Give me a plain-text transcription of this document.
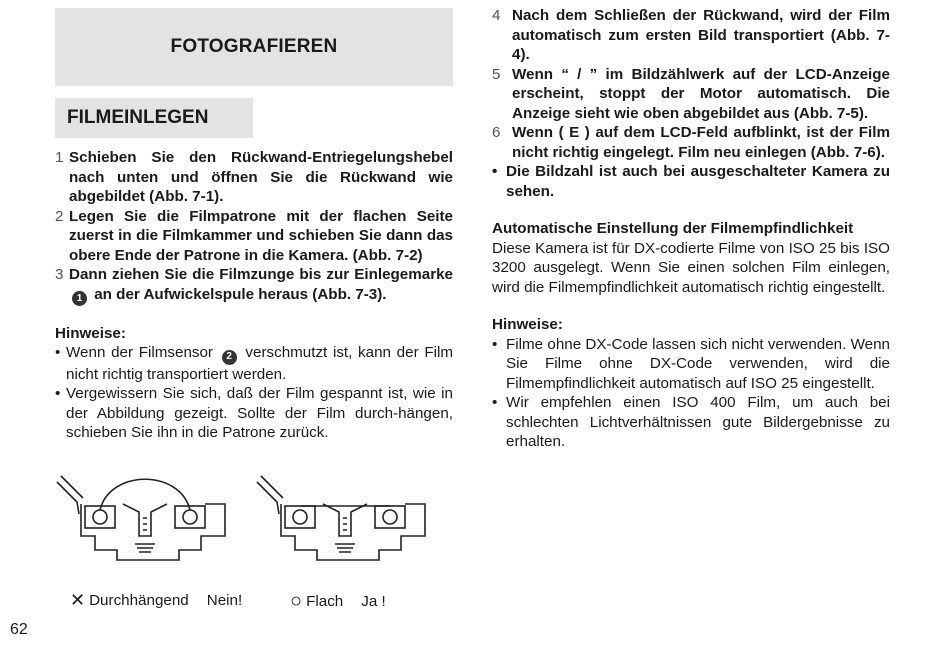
FOTOGRAFIEREN
FILMEINLEGEN
1 Schieben Sie den Rückwand-Entriegelungshebel nach unten und öffnen Sie die Rückwand wie abgebildet (Abb. 7-1).
2 Legen Sie die Filmpatrone mit der flachen Seite zuerst in die Filmkammer und schieben Sie dann das obere Ende der Patrone in die Kamera. (Abb. 7-2)
3 Dann ziehen Sie die Filmzunge bis zur Einlegemarke 1 an der Aufwickelspule heraus (Abb. 7-3).
Hinweise:
• Wenn der Filmsensor 2 verschmutzt ist, kann der Film nicht richtig transportiert werden.
• Vergewissern Sie sich, daß der Film gespannt ist, wie in der Abbildung gezeigt. Sollte der Film durch-hängen, schieben Sie ihn in die Patrone zurück.
✕ Durchhängend Nein! ○ Flach Ja !
4 Nach dem Schließen der Rückwand, wird der Film automatisch zum ersten Bild transportiert (Abb. 7-4).
5 Wenn “ / ” im Bildzählwerk auf der LCD-Anzeige erscheint, stoppt der Motor automatisch. Die Anzeige sieht wie oben abgebildet aus (Abb. 7-5).
6 Wenn ( E ) auf dem LCD-Feld aufblinkt, ist der Film nicht richtig eingelegt. Film neu einlegen (Abb. 7-6).
• Die Bildzahl ist auch bei ausgeschalteter Kamera zu sehen.
Automatische Einstellung der Filmempfindlichkeit
Diese Kamera ist für DX-codierte Filme von ISO 25 bis ISO 3200 ausgelegt. Wenn Sie einen solchen Film einlegen, wird die Filmempfindlichkeit automatisch richtig eingestellt.
Hinweise:
• Filme ohne DX-Code lassen sich nicht verwenden. Wenn Sie Filme ohne DX-Code verwenden, wird die Filmempfindlichkeit automatisch auf ISO 25 eingestellt.
• Wir empfehlen einen ISO 400 Film, um auch bei schlechten Lichtverhältnissen gute Bildergebnisse zu erhalten.
62
